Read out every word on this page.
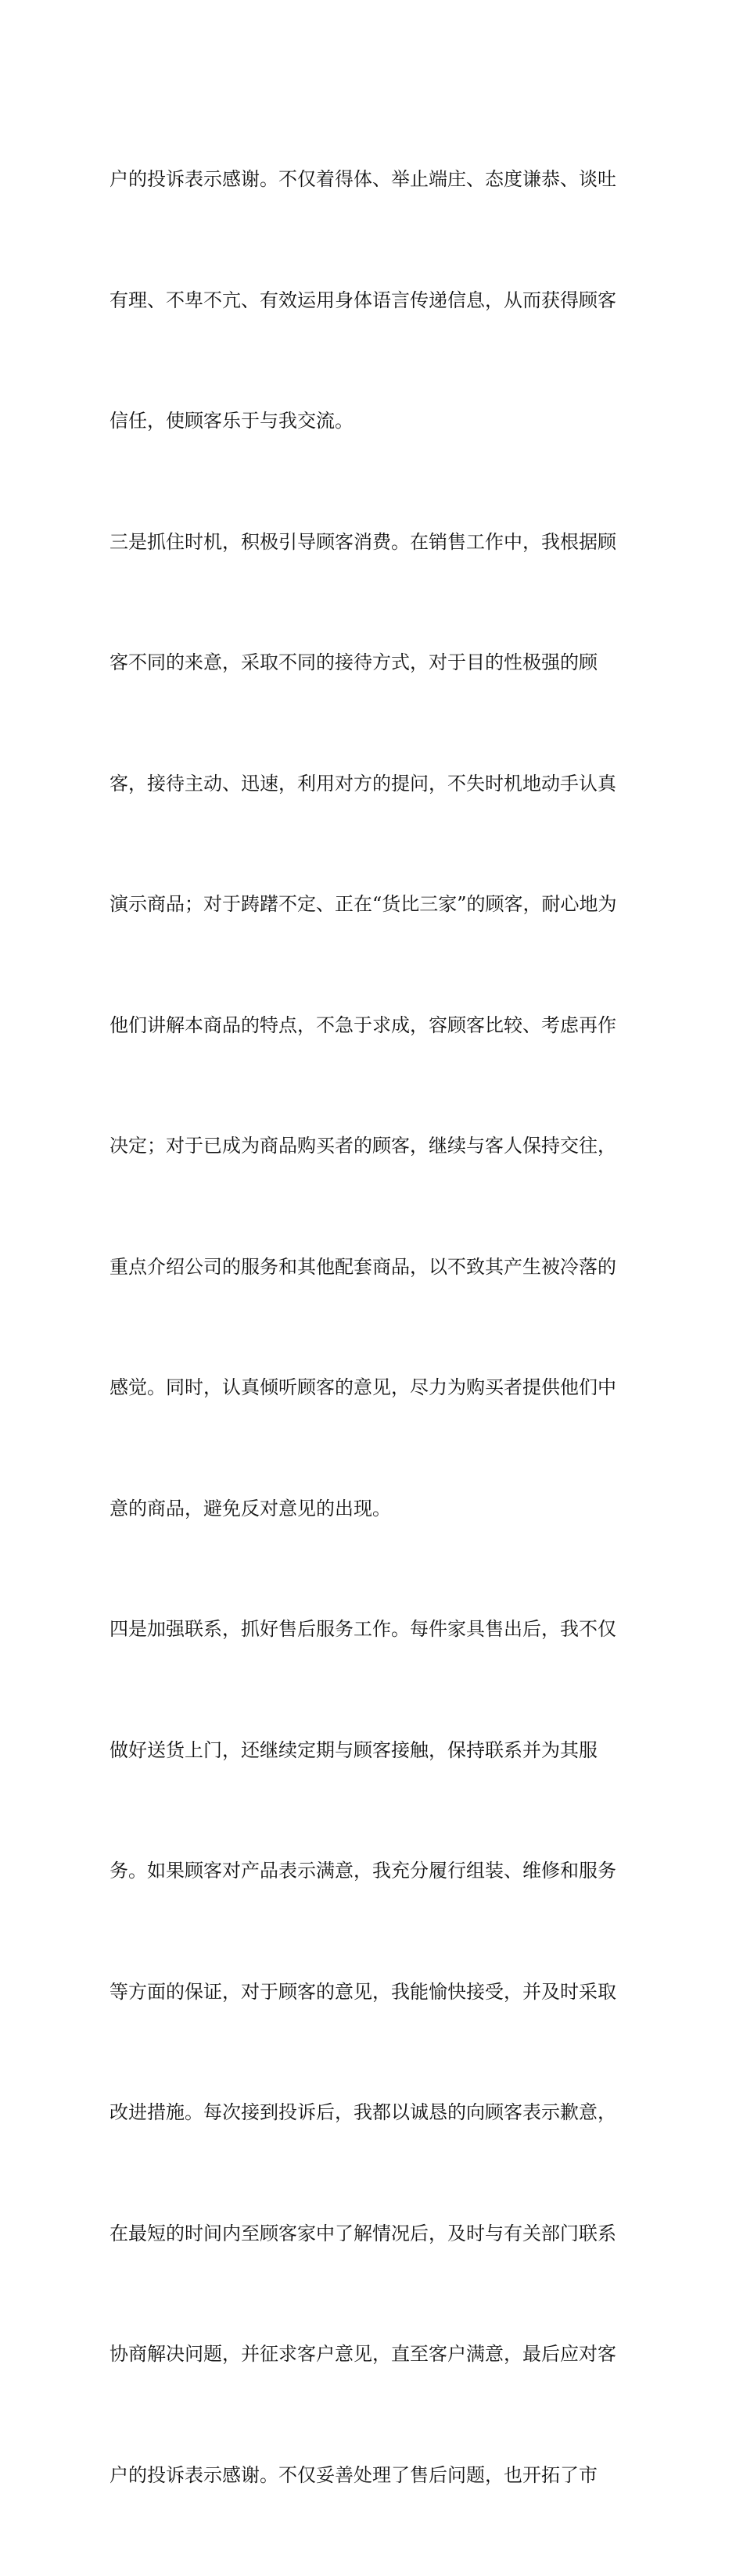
户的投诉表示感谢。不仅着得体、举止端庄、态度谦恭、谈吐

有理、不卑不亢、有效运用身体语言传递信息，从而获得顾客

信任，使顾客乐于与我交流。

三是抓住时机，积极引导顾客消费。在销售工作中，我根据顾

客不同的来意，采取不同的接待方式，对于目的性极强的顾

客，接待主动、迅速，利用对方的提问，不失时机地动手认真

演示商品；对于踌躇不定、正在“货比三家”的顾客，耐心地为

他们讲解本商品的特点，不急于求成，容顾客比较、考虑再作

决定；对于已成为商品购买者的顾客，继续与客人保持交往，

重点介绍公司的服务和其他配套商品，以不致其产生被冷落的

感觉。同时，认真倾听顾客的意见，尽力为购买者提供他们中

意的商品，避免反对意见的出现。

四是加强联系，抓好售后服务工作。每件家具售出后，我不仅

做好送货上门，还继续定期与顾客接触，保持联系并为其服

务。如果顾客对产品表示满意，我充分履行组装、维修和服务

等方面的保证，对于顾客的意见，我能愉快接受，并及时采取

改进措施。每次接到投诉后，我都以诚恳的向顾客表示歉意，

在最短的时间内至顾客家中了解情况后，及时与有关部门联系

协商解决问题，并征求客户意见，直至客户满意，最后应对客

户的投诉表示感谢。不仅妥善处理了售后问题，也开拓了市
